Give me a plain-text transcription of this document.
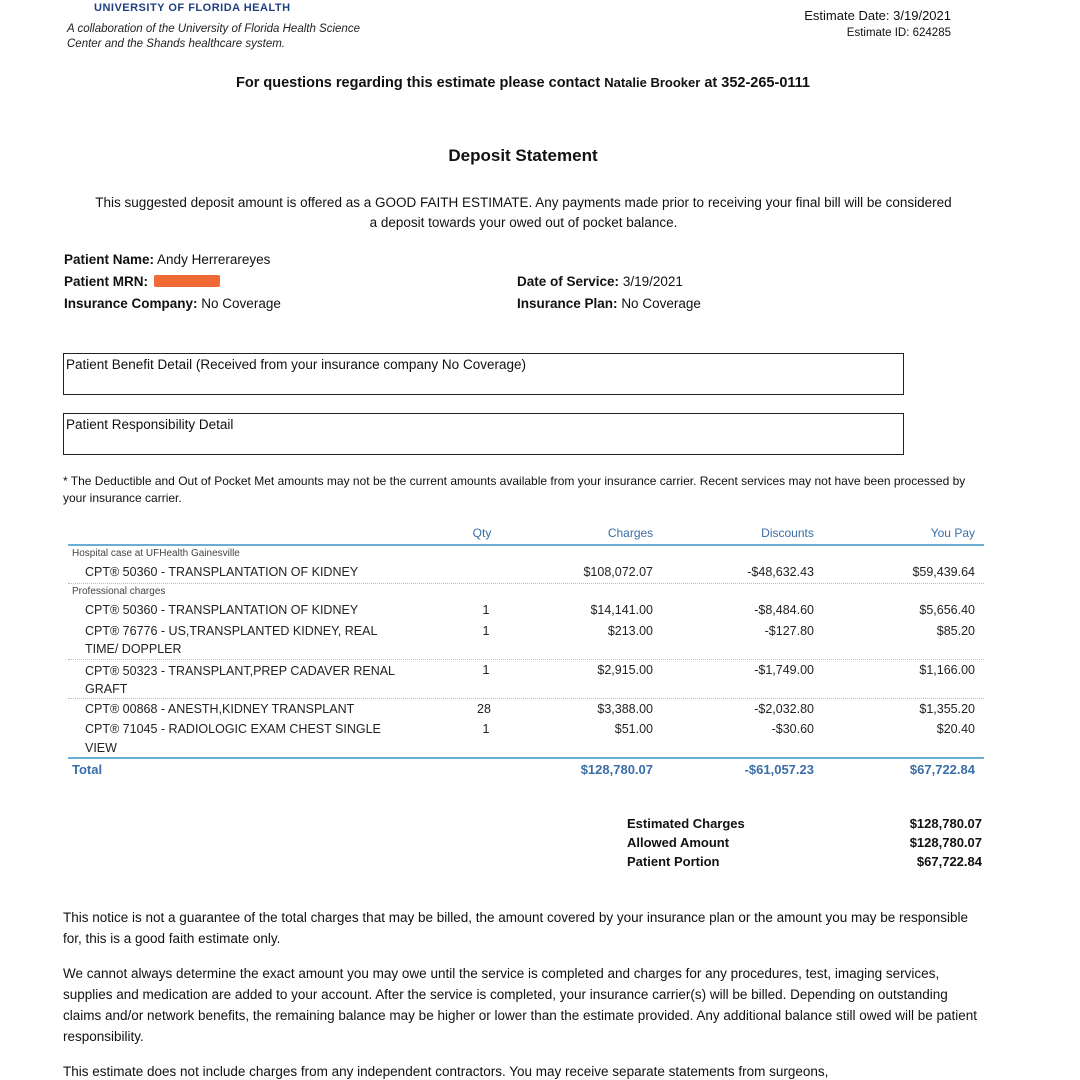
UNIVERSITY OF FLORIDA HEALTH
A collaboration of the University of Florida Health Science Center and the Shands healthcare system.
Estimate Date: 3/19/2021
Estimate ID: 624285
For questions regarding this estimate please contact Natalie Brooker at 352-265-0111
Deposit Statement
This suggested deposit amount is offered as a GOOD FAITH ESTIMATE. Any payments made prior to receiving your final bill will be considered a deposit towards your owed out of pocket balance.
Patient Name: Andy Herrerareyes
Patient MRN:
Insurance Company: No Coverage
Date of Service: 3/19/2021
Insurance Plan: No Coverage
Patient Benefit Detail (Received from your insurance company No Coverage)
Patient Responsibility Detail
* The Deductible and Out of Pocket Met amounts may not be the current amounts available from your insurance carrier. Recent services may not have been processed by your insurance carrier.
Qty	Charges	Discounts	You Pay
Hospital case at UFHealth Gainesville
CPT® 50360 - TRANSPLANTATION OF KIDNEY	$108,072.07	-$48,632.43	$59,439.64
Professional charges
CPT® 50360 - TRANSPLANTATION OF KIDNEY	1	$14,141.00	-$8,484.60	$5,656.40
CPT® 76776 - US,TRANSPLANTED KIDNEY, REAL
TIME/ DOPPLER
1	$213.00	-$127.80	$85.20
CPT® 50323 - TRANSPLANT,PREP CADAVER RENAL
GRAFT
1	$2,915.00	-$1,749.00	$1,166.00
CPT® 00868 - ANESTH,KIDNEY TRANSPLANT	28	$3,388.00	-$2,032.80	$1,355.20
CPT® 71045 - RADIOLOGIC EXAM CHEST SINGLE
VIEW
1	$51.00	-$30.60	$20.40
Total	$128,780.07	-$61,057.23	$67,722.84
Estimated Charges	$128,780.07
Allowed Amount	$128,780.07
Patient Portion	$67,722.84
This notice is not a guarantee of the total charges that may be billed, the amount covered by your insurance plan or the amount you may be responsible for, this is a good faith estimate only.
We cannot always determine the exact amount you may owe until the service is completed and charges for any procedures, test, imaging services, supplies and medication are added to your account. After the service is completed, your insurance carrier(s) will be billed. Depending on outstanding claims and/or network benefits, the remaining balance may be higher or lower than the estimate provided. Any additional balance still owed will be patient responsibility.
This estimate does not include charges from any independent contractors. You may receive separate statements from surgeons,
